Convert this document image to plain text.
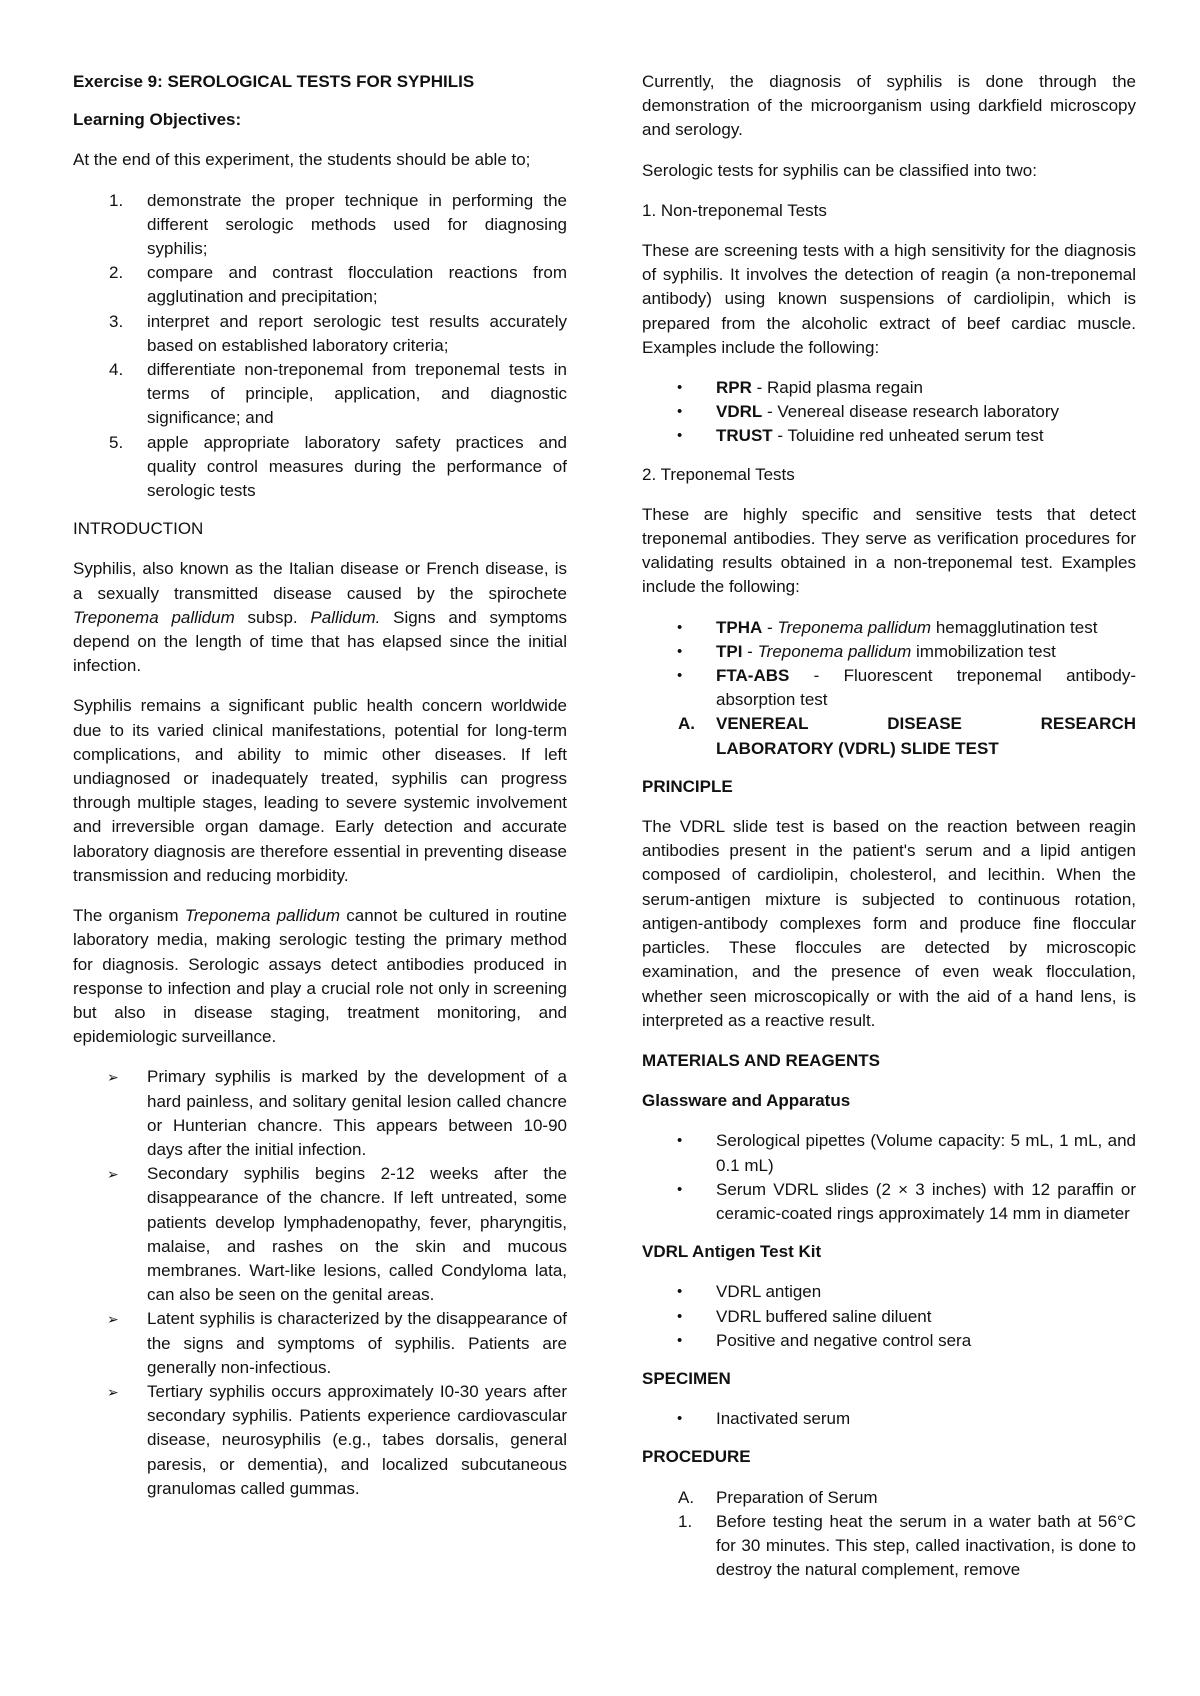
Exercise 9: SEROLOGICAL TESTS FOR SYPHILIS
Learning Objectives:

At the end of this experiment, the students should be able to;

1. demonstrate the proper technique in performing the different serologic methods used for diagnosing syphilis;
2. compare and contrast flocculation reactions from agglutination and precipitation;
3. interpret and report serologic test results accurately based on established laboratory criteria;
4. differentiate non-treponemal from treponemal tests in terms of principle, application, and diagnostic significance; and
5. apple appropriate laboratory safety practices and quality control measures during the performance of serologic tests

INTRODUCTION

Syphilis, also known as the Italian disease or French disease, is a sexually transmitted disease caused by the spirochete Treponema pallidum subsp. Pallidum. Signs and symptoms depend on the length of time that has elapsed since the initial infection.

Syphilis remains a significant public health concern worldwide due to its varied clinical manifestations, potential for long-term complications, and ability to mimic other diseases. If left undiagnosed or inadequately treated, syphilis can progress through multiple stages, leading to severe systemic involvement and irreversible organ damage. Early detection and accurate laboratory diagnosis are therefore essential in preventing disease transmission and reducing morbidity.

The organism Treponema pallidum cannot be cultured in routine laboratory media, making serologic testing the primary method for diagnosis. Serologic assays detect antibodies produced in response to infection and play a crucial role not only in screening but also in disease staging, treatment monitoring, and epidemiologic surveillance.

➢ Primary syphilis is marked by the development of a hard painless, and solitary genital lesion called chancre or Hunterian chancre. This appears between 10-90 days after the initial infection.
➢ Secondary syphilis begins 2-12 weeks after the disappearance of the chancre. If left untreated, some patients develop lymphadenopathy, fever, pharyngitis, malaise, and rashes on the skin and mucous membranes. Wart-like lesions, called Condyloma lata, can also be seen on the genital areas.
➢ Latent syphilis is characterized by the disappearance of the signs and symptoms of syphilis. Patients are generally non-infectious.
➢ Tertiary syphilis occurs approximately I0-30 years after secondary syphilis. Patients experience cardiovascular disease, neurosyphilis (e.g., tabes dorsalis, general paresis, or dementia), and localized subcutaneous granulomas called gummas.

Currently, the diagnosis of syphilis is done through the demonstration of the microorganism using darkfield microscopy and serology.

Serologic tests for syphilis can be classified into two:

1. Non-treponemal Tests

These are screening tests with a high sensitivity for the diagnosis of syphilis. It involves the detection of reagin (a non-treponemal antibody) using known suspensions of cardiolipin, which is prepared from the alcoholic extract of beef cardiac muscle. Examples include the following:

• RPR - Rapid plasma regain
• VDRL - Venereal disease research laboratory
• TRUST - Toluidine red unheated serum test

2. Treponemal Tests

These are highly specific and sensitive tests that detect treponemal antibodies. They serve as verification procedures for validating results obtained in a non-treponemal test. Examples include the following:

• TPHA - Treponema pallidum hemagglutination test
• TPI - Treponema pallidum immobilization test
• FTA-ABS - Fluorescent treponemal antibody-absorption test
A. VENEREAL	DISEASE	RESEARCH
LABORATORY (VDRL) SLIDE TEST
PRINCIPLE

The VDRL slide test is based on the reaction between reagin antibodies present in the patient's serum and a lipid antigen composed of cardiolipin, cholesterol, and lecithin. When the serum-antigen mixture is subjected to continuous rotation, antigen-antibody complexes form and produce fine floccular particles. These floccules are detected by microscopic examination, and the presence of even weak flocculation, whether seen microscopically or with the aid of a hand lens, is interpreted as a reactive result.

MATERIALS AND REAGENTS
Glassware and Apparatus
• Serological pipettes (Volume capacity: 5 mL, 1 mL, and 0.1 mL)
• Serum VDRL slides (2 × 3 inches) with 12 paraffin or ceramic-coated rings approximately 14 mm in diameter
VDRL Antigen Test Kit
• VDRL antigen
• VDRL buffered saline diluent
• Positive and negative control sera
SPECIMEN
• Inactivated serum
PROCEDURE
A. Preparation of Serum
1. Before testing heat the serum in a water bath at 56°C for 30 minutes. This step, called inactivation, is done to destroy the natural complement, remove
